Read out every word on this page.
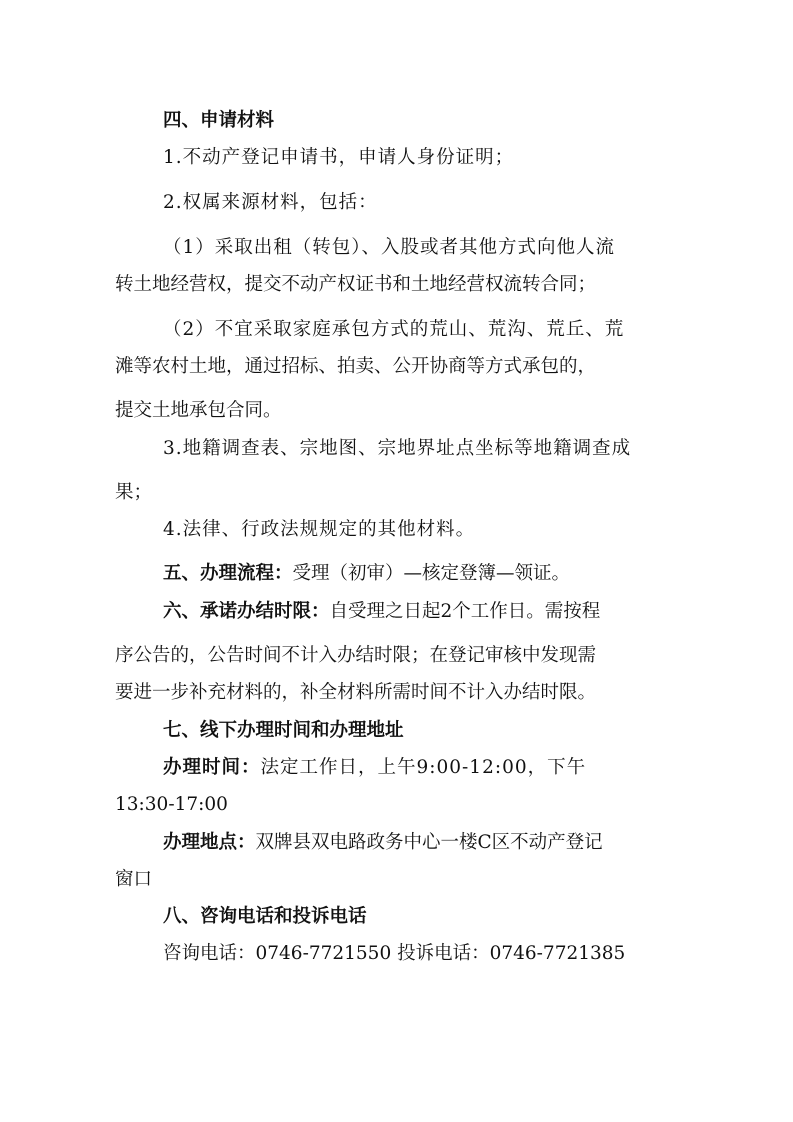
四、申请材料
1.不动产登记申请书，申请人身份证明；
2.权属来源材料，包括：
（1）采取出租（转包）、入股或者其他方式向他人流
转土地经营权，提交不动产权证书和土地经营权流转合同；
（2）不宜采取家庭承包方式的荒山、荒沟、荒丘、荒
滩等农村土地，通过招标、拍卖、公开协商等方式承包的，
提交土地承包合同。
3.地籍调查表、宗地图、宗地界址点坐标等地籍调查成
果；
4.法律、行政法规规定的其他材料。
五、办理流程：受理（初审）—核定登簿—领证。
六、承诺办结时限：自受理之日起2个工作日。需按程
序公告的，公告时间不计入办结时限；在登记审核中发现需
要进一步补充材料的，补全材料所需时间不计入办结时限。
七、线下办理时间和办理地址
办理时间：法定工作日，上午9:00-12:00，下午
13:30-17:00
办理地点：双牌县双电路政务中心一楼C区不动产登记
窗口
八、咨询电话和投诉电话
咨询电话：0746-7721550 投诉电话：0746-7721385
